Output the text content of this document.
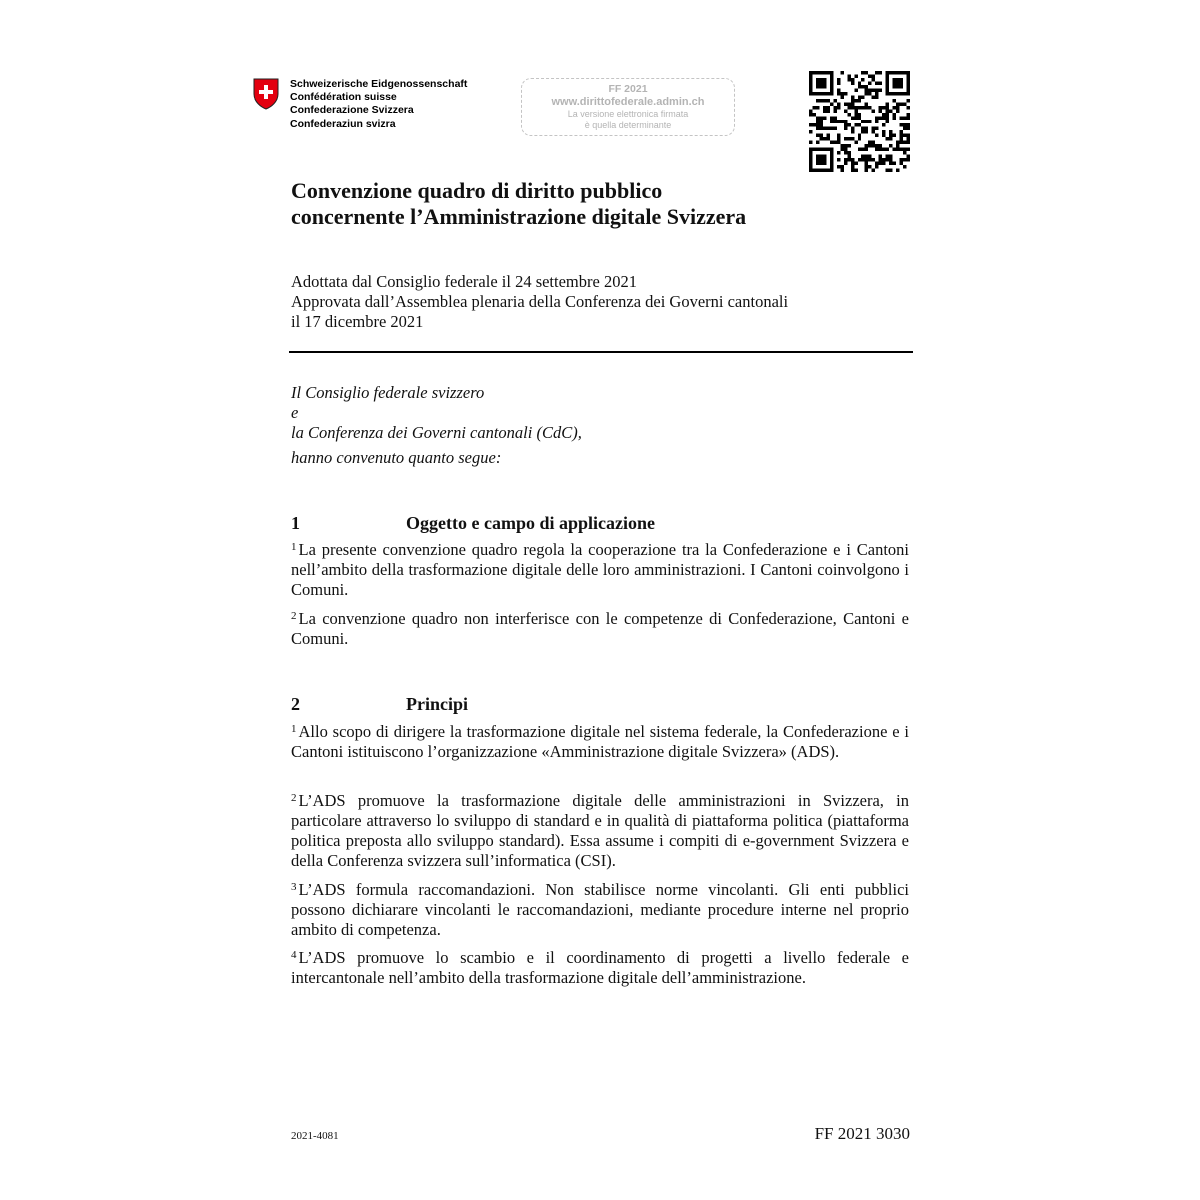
Schweizerische Eidgenossenschaft
Confédération suisse
Confederazione Svizzera
Confederaziun svizra
FF 2021
www.dirittofederale.admin.ch
La versione elettronica firmata
è quella determinante
Convenzione quadro di diritto pubblico
concernente l’Amministrazione digitale Svizzera
Adottata dal Consiglio federale il 24 settembre 2021
Approvata dall’Assemblea plenaria della Conferenza dei Governi cantonali
il 17 dicembre 2021
Il Consiglio federale svizzero
e
la Conferenza dei Governi cantonali (CdC),
hanno convenuto quanto segue:
1	Oggetto e campo di applicazione

$^1$ La presente convenzione quadro regola la cooperazione tra la Confederazione e i Cantoni nell’ambito della trasformazione digitale delle loro amministrazioni. I Cantoni coinvolgono i Comuni.

$^2$ La convenzione quadro non interferisce con le competenze di Confederazione, Cantoni e Comuni.

2	Principi

$^1$ Allo scopo di dirigere la trasformazione digitale nel sistema federale, la Confederazione e i Cantoni istituiscono l’organizzazione «Amministrazione digitale Svizzera» (ADS).

$^2$ L’ADS promuove la trasformazione digitale delle amministrazioni in Svizzera, in particolare attraverso lo sviluppo di standard e in qualità di piattaforma politica (piattaforma politica preposta allo sviluppo standard). Essa assume i compiti di e-government Svizzera e della Conferenza svizzera sull’informatica (CSI).

$^3$ L’ADS formula raccomandazioni. Non stabilisce norme vincolanti. Gli enti pubblici possono dichiarare vincolanti le raccomandazioni, mediante procedure interne nel proprio ambito di competenza.

$^4$ L’ADS promuove lo scambio e il coordinamento di progetti a livello federale e intercantonale nell’ambito della trasformazione digitale dell’amministrazione.

2021-4081	FF 2021 3030
